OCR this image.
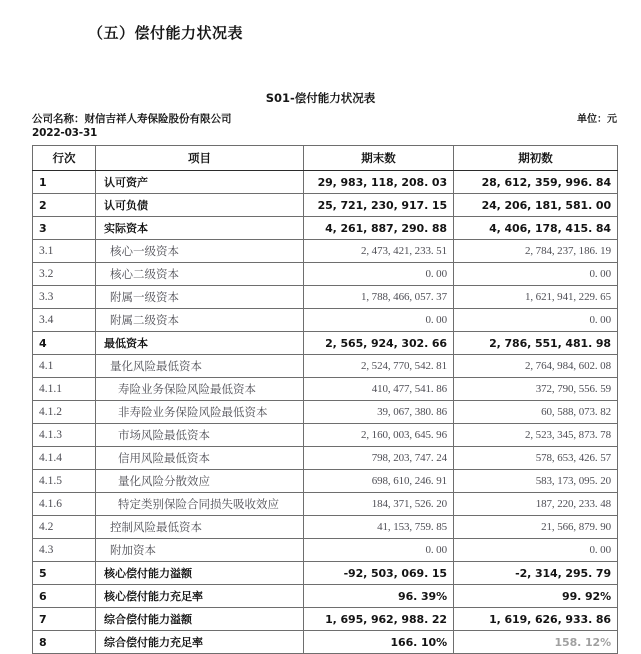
（五）偿付能力状况表
S01-偿付能力状况表
公司名称：财信吉祥人寿保险股份有限公司	单位：元
2022-03-31
行次	项目	期末数	期初数
1	认可资产	29, 983, 118, 208. 03	28, 612, 359, 996. 84
2	认可负债	25, 721, 230, 917. 15	24, 206, 181, 581. 00
3	实际资本	4, 261, 887, 290. 88	4, 406, 178, 415. 84
3.1	核心一级资本	2, 473, 421, 233. 51	2, 784, 237, 186. 19
3.2	核心二级资本	0. 00	0. 00
3.3	附属一级资本	1, 788, 466, 057. 37	1, 621, 941, 229. 65
3.4	附属二级资本	0. 00	0. 00
4	最低资本	2, 565, 924, 302. 66	2, 786, 551, 481. 98
4.1	量化风险最低资本	2, 524, 770, 542. 81	2, 764, 984, 602. 08
4.1.1	寿险业务保险风险最低资本	410, 477, 541. 86	372, 790, 556. 59
4.1.2	非寿险业务保险风险最低资本	39, 067, 380. 86	60, 588, 073. 82
4.1.3	市场风险最低资本	2, 160, 003, 645. 96	2, 523, 345, 873. 78
4.1.4	信用风险最低资本	798, 203, 747. 24	578, 653, 426. 57
4.1.5	量化风险分散效应	698, 610, 246. 91	583, 173, 095. 20
4.1.6	特定类别保险合同损失吸收效应	184, 371, 526. 20	187, 220, 233. 48
4.2	控制风险最低资本	41, 153, 759. 85	21, 566, 879. 90
4.3	附加资本	0. 00	0. 00
5	核心偿付能力溢额	-92, 503, 069. 15	-2, 314, 295. 79
6	核心偿付能力充足率	96. 39%	99. 92%
7	综合偿付能力溢额	1, 695, 962, 988. 22	1, 619, 626, 933. 86
8	综合偿付能力充足率	166. 10%	158. 12%
